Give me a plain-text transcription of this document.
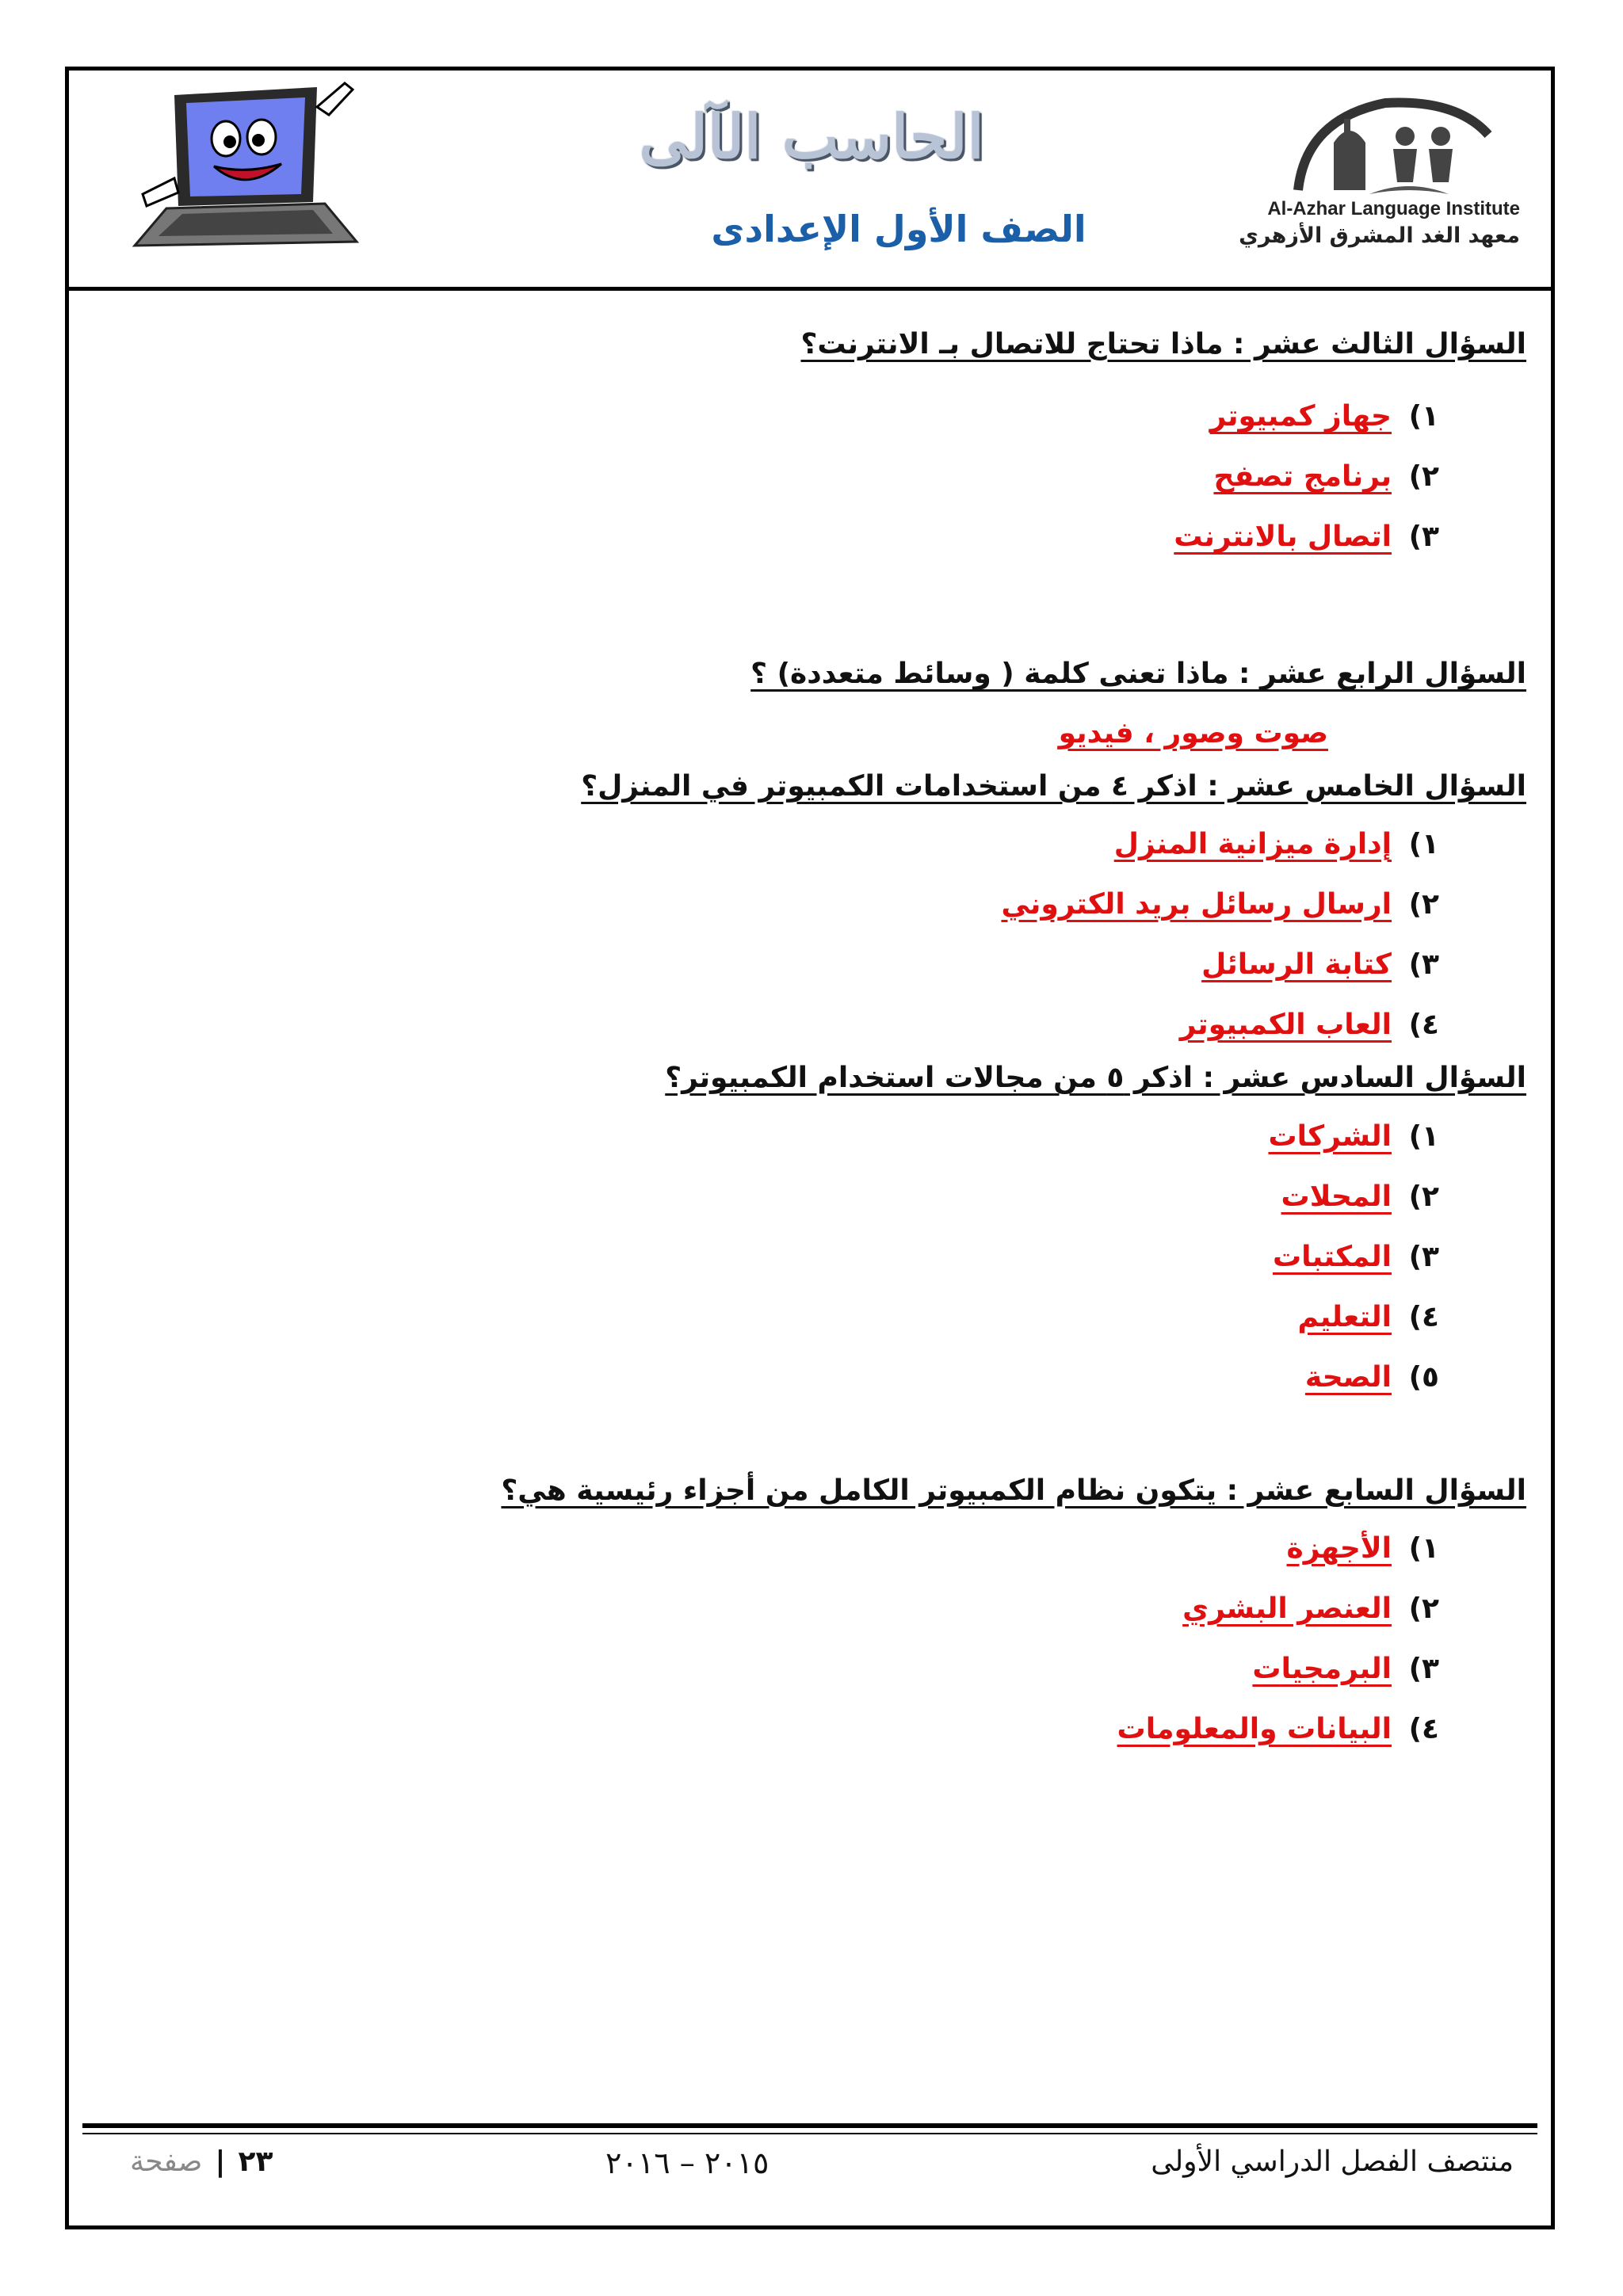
الحاسب الآلى
الصف الأول الإعدادى	Al-Azhar Language Institute
معهد الغد المشرق الأزهري

السؤال الثالث عشر : ماذا تحتاج للاتصال بـ الانترنت؟

١)
جهاز كمبيوتر
٢)
برنامج تصفح
٣)
اتصال بالانترنت

السؤال الرابع عشر : ماذا تعنى كلمة ( وسائط متعددة) ؟

صوت وصور ، فيديو

السؤال الخامس عشر : اذكر ٤ من استخدامات الكمبيوتر في المنزل؟

١)
إدارة ميزانية المنزل
٢)
ارسال رسائل بريد الكتروني
٣)
كتابة الرسائل
٤)
العاب الكمبيوتر

السؤال السادس عشر : اذكر ٥ من مجالات استخدام الكمبيوتر؟

١)
الشركات
٢)
المحلات
٣)
المكتبات
٤)
التعليم
٥)
الصحة

السؤال السابع عشر : يتكون نظام الكمبيوتر الكامل من أجزاء رئيسية هي؟

١)
الأجهزة
٢)
العنصر البشري
٣)
البرمجيات
٤)
البيانات والمعلومات
منتصف الفصل الدراسي الأولى
٢٠١٥ – ٢٠١٦
٢٣
|
صفحة
